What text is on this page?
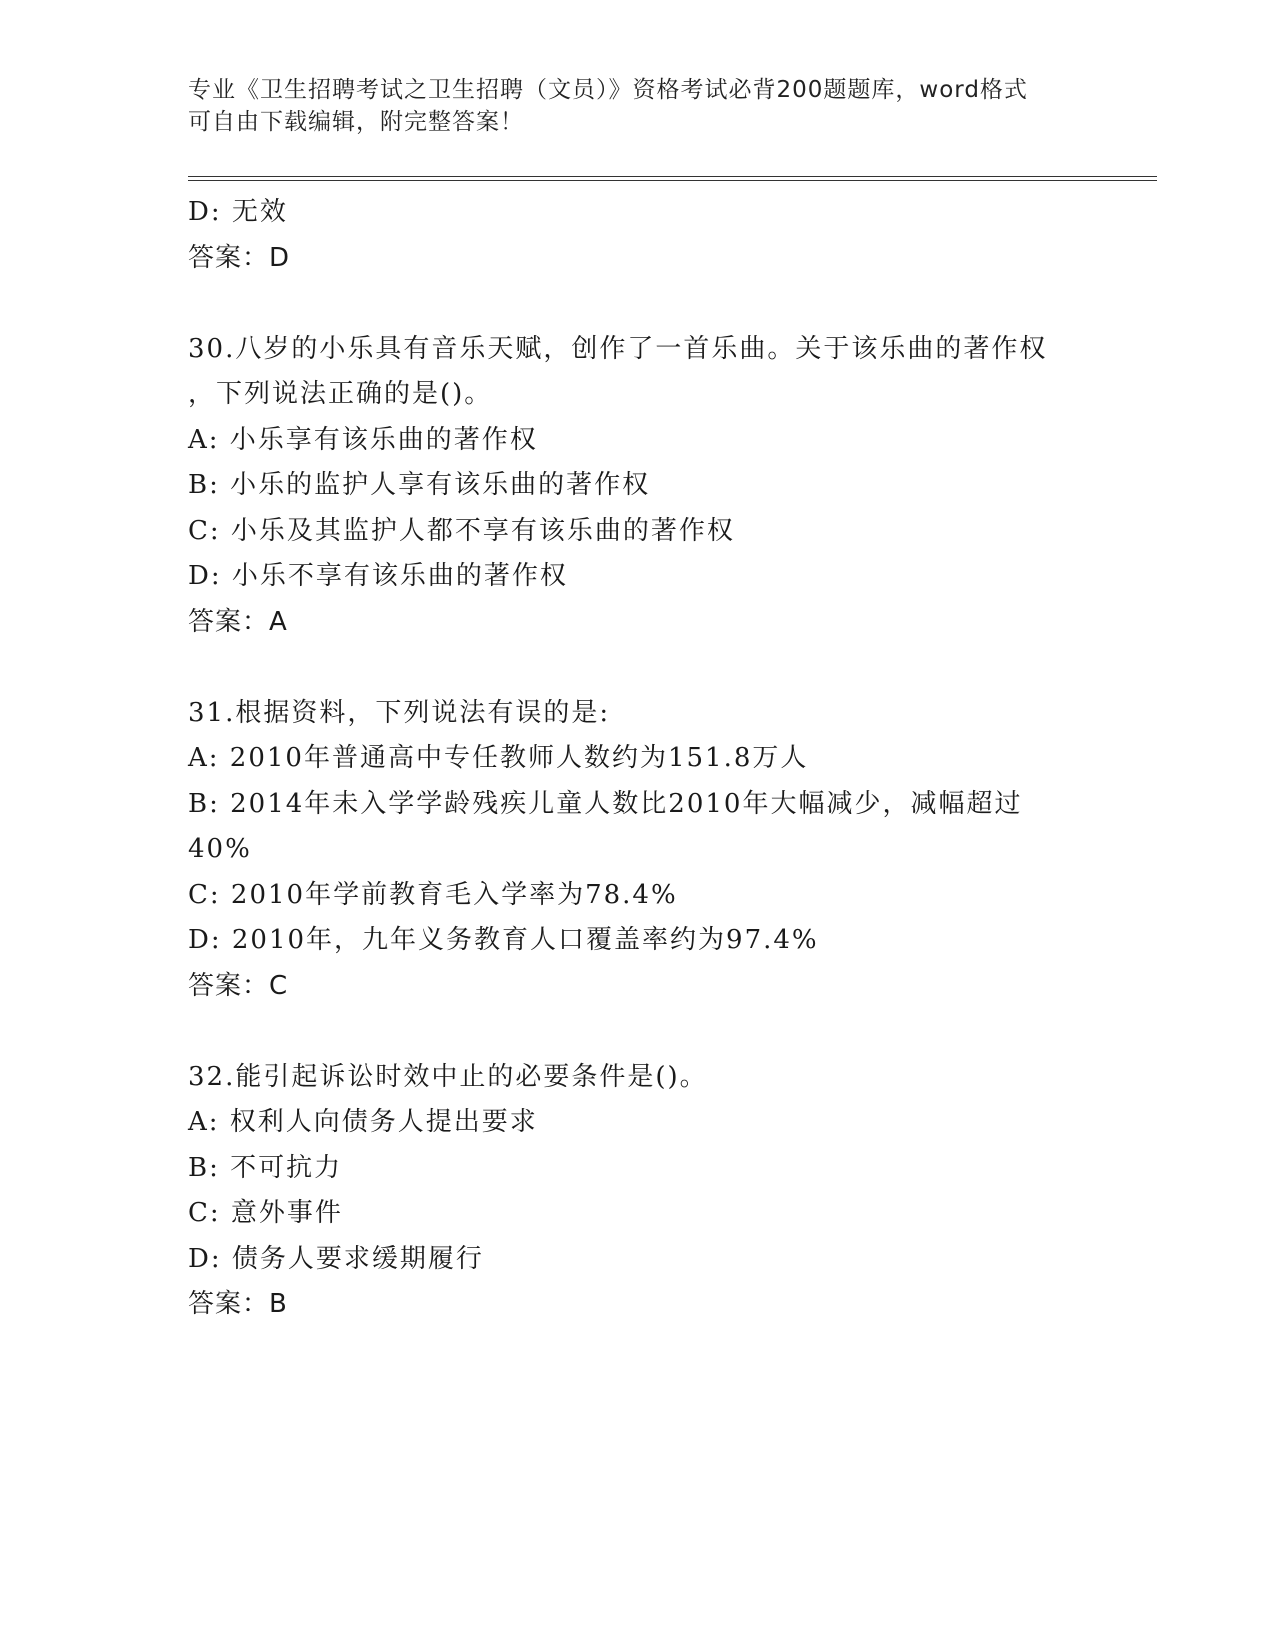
专业《卫生招聘考试之卫生招聘（文员）》资格考试必背200题题库，word格式
可自由下载编辑，附完整答案！
D: 无效
答案：D
30.八岁的小乐具有音乐天赋，创作了一首乐曲。关于该乐曲的著作权
，下列说法正确的是()。
A: 小乐享有该乐曲的著作权
B: 小乐的监护人享有该乐曲的著作权
C: 小乐及其监护人都不享有该乐曲的著作权
D: 小乐不享有该乐曲的著作权
答案：A
31.根据资料，下列说法有误的是:
A: 2010年普通高中专任教师人数约为151.8万人
B: 2014年未入学学龄残疾儿童人数比2010年大幅减少，减幅超过
40%
C: 2010年学前教育毛入学率为78.4%
D: 2010年，九年义务教育人口覆盖率约为97.4%
答案：C
32.能引起诉讼时效中止的必要条件是()。
A: 权利人向债务人提出要求
B: 不可抗力
C: 意外事件
D: 债务人要求缓期履行
答案：B
